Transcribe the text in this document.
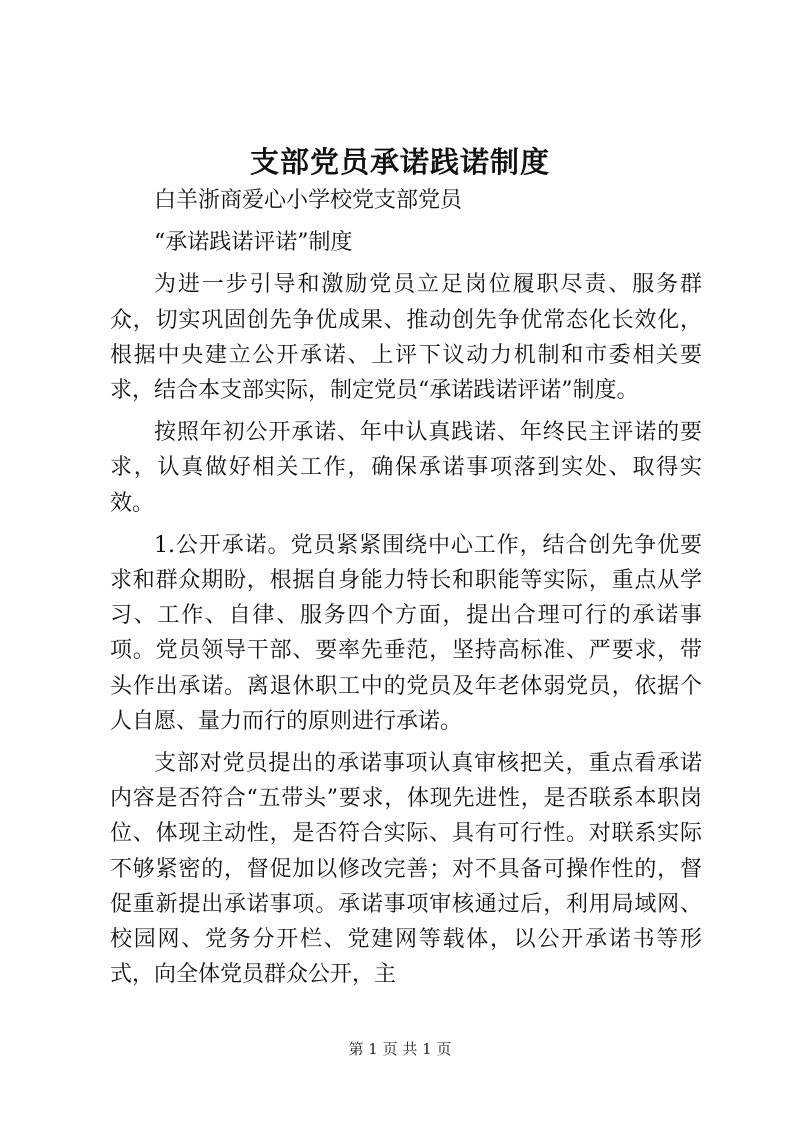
支部党员承诺践诺制度

白羊浙商爱心小学校党支部党员

“承诺践诺评诺”制度

为进一步引导和激励党员立足岗位履职尽责、服务群众，切实巩固创先争优成果、推动创先争优常态化长效化，根据中央建立公开承诺、上评下议动力机制和市委相关要求，结合本支部实际，制定党员“承诺践诺评诺”制度。

按照年初公开承诺、年中认真践诺、年终民主评诺的要求，认真做好相关工作，确保承诺事项落到实处、取得实效。

1.公开承诺。党员紧紧围绕中心工作，结合创先争优要求和群众期盼，根据自身能力特长和职能等实际，重点从学习、工作、自律、服务四个方面，提出合理可行的承诺事项。党员领导干部、要率先垂范，坚持高标准、严要求，带头作出承诺。离退休职工中的党员及年老体弱党员，依据个人自愿、量力而行的原则进行承诺。

支部对党员提出的承诺事项认真审核把关，重点看承诺内容是否符合“五带头”要求，体现先进性，是否联系本职岗位、体现主动性，是否符合实际、具有可行性。对联系实际不够紧密的，督促加以修改完善；对不具备可操作性的，督促重新提出承诺事项。承诺事项审核通过后，利用局域网、校园网、党务分开栏、党建网等载体，以公开承诺书等形式，向全体党员群众公开，主

第 1 页 共 1 页
